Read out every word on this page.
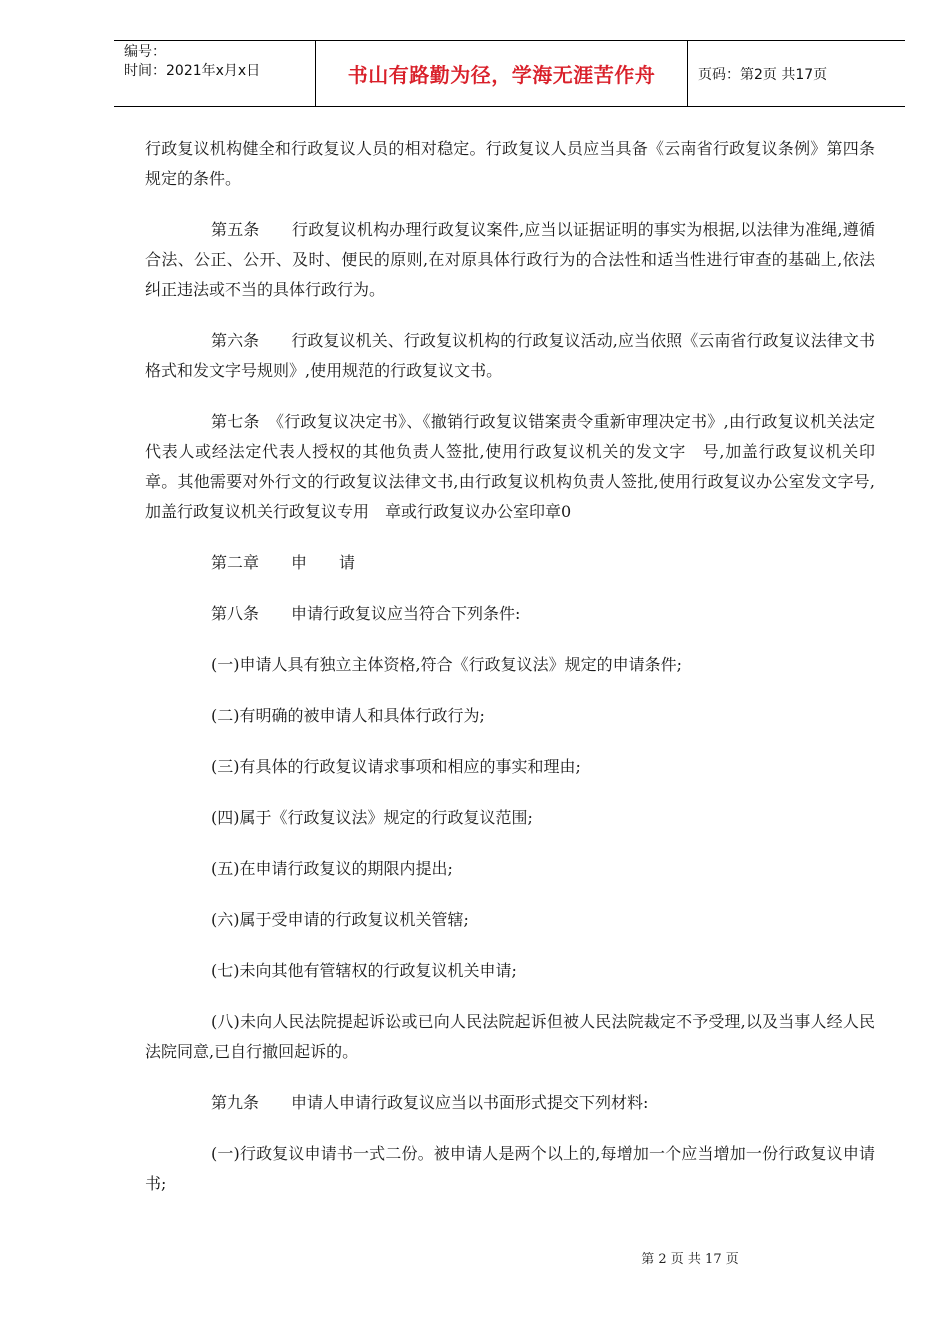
编号：
时间：2021年x月x日	书山有路勤为径，学海无涯苦作舟	页码：第2页 共17页

行政复议机构健全和行政复议人员的相对稳定。行政复议人员应当具备《云南省行政复议条例》第四条规定的条件。

第五条　　行政复议机构办理行政复议案件,应当以证据证明的事实为根据,以法律为准绳,遵循合法、公正、公开、及时、便民的原则,在对原具体行政行为的合法性和适当性进行审查的基础上,依法纠正违法或不当的具体行政行为。

第六条　　行政复议机关、行政复议机构的行政复议活动,应当依照《云南省行政复议法律文书格式和发文字号规则》,使用规范的行政复议文书。

第七条　《行政复议决定书》、《撤销行政复议错案责令重新审理决定书》,由行政复议机关法定代表人或经法定代表人授权的其他负责人签批,使用行政复议机关的发文字　号,加盖行政复议机关印章。其他需要对外行文的行政复议法律文书,由行政复议机构负责人签批,使用行政复议办公室发文字号,加盖行政复议机关行政复议专用　章或行政复议办公室印章0

第二章　　申　　请

第八条　　申请行政复议应当符合下列条件:

(一)申请人具有独立主体资格,符合《行政复议法》规定的申请条件;

(二)有明确的被申请人和具体行政行为;

(三)有具体的行政复议请求事项和相应的事实和理由;

(四)属于《行政复议法》规定的行政复议范围;

(五)在申请行政复议的期限内提出;

(六)属于受申请的行政复议机关管辖;

(七)未向其他有管辖权的行政复议机关申请;

(八)未向人民法院提起诉讼或已向人民法院起诉但被人民法院裁定不予受理,以及当事人经人民法院同意,已自行撤回起诉的。

第九条　　申请人申请行政复议应当以书面形式提交下列材料:

(一)行政复议申请书一式二份。被申请人是两个以上的,每增加一个应当增加一份行政复议申请书;

第 2 页 共 17 页
